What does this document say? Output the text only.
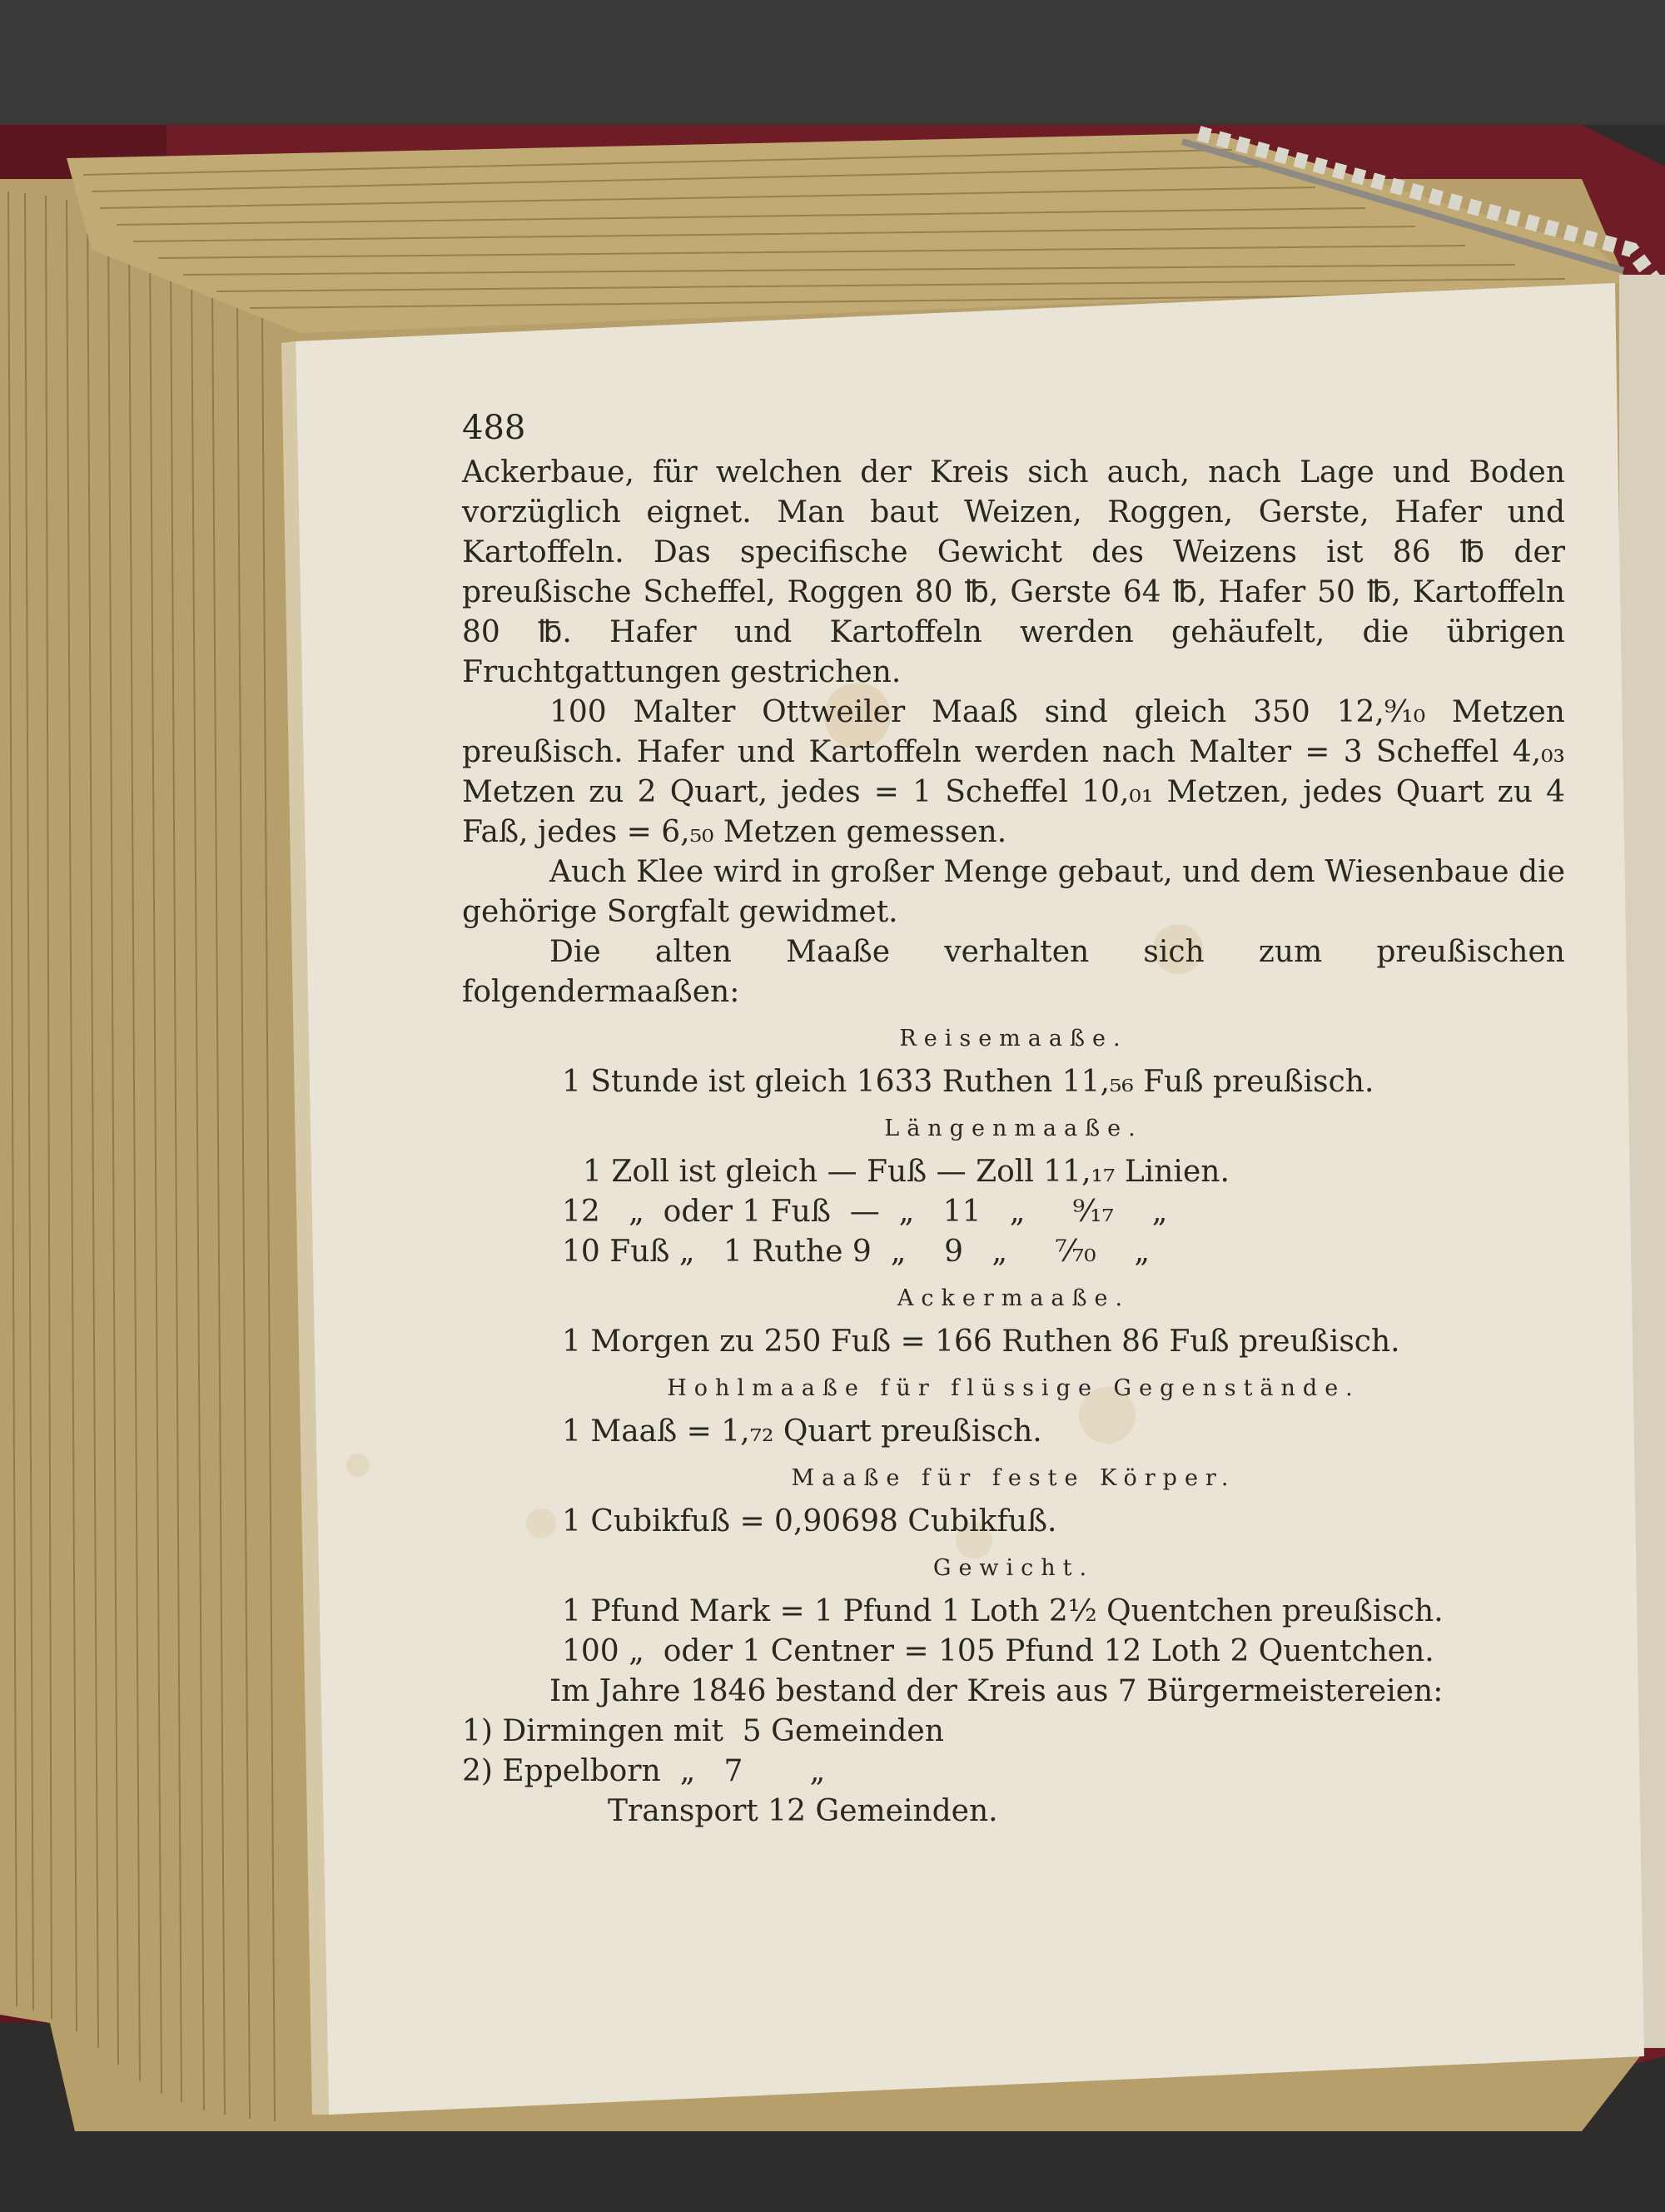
488

Ackerbaue, für welchen der Kreis sich auch, nach Lage und Boden vorzüglich eignet. Man baut Weizen, Roggen, Gerste, Hafer und Kartoffeln. Das specifische Gewicht des Weizens ist 86 ℔ der preußische Scheffel, Roggen 80 ℔, Gerste 64 ℔, Hafer 50 ℔, Kartoffeln 80 ℔. Hafer und Kartoffeln werden gehäufelt, die übrigen Fruchtgattungen gestrichen.

100 Malter Ottweiler Maaß sind gleich 350 12,⁹⁄₁₀ Metzen preußisch. Hafer und Kartoffeln werden nach Malter = 3 Scheffel 4,₀₃ Metzen zu 2 Quart, jedes = 1 Scheffel 10,₀₁ Metzen, jedes Quart zu 4 Faß, jedes = 6,₅₀ Metzen gemessen.

Auch Klee wird in großer Menge gebaut, und dem Wiesenbaue die gehörige Sorgfalt gewidmet.

Die alten Maaße verhalten sich zum preußischen folgendermaaßen:

Reisemaaße.
1 Stunde ist gleich 1633 Ruthen 11,₅₆ Fuß preußisch.
Längenmaaße.
1 Zoll ist gleich — Fuß — Zoll 11,₁₇ Linien.
12   „  oder 1 Fuß  —  „   11   „     ⁹⁄₁₇    „
10 Fuß „   1 Ruthe 9  „    9   „     ⁷⁄₇₀    „
Ackermaaße.
1 Morgen zu 250 Fuß = 166 Ruthen 86 Fuß preußisch.
Hohlmaaße für flüssige Gegenstände.
1 Maaß = 1,₇₂ Quart preußisch.
Maaße für feste Körper.
1 Cubikfuß = 0,90698 Cubikfuß.
Gewicht.
1 Pfund Mark = 1 Pfund 1 Loth 2½ Quentchen preußisch.
100 „  oder 1 Centner = 105 Pfund 12 Loth 2 Quentchen.

Im Jahre 1846 bestand der Kreis aus 7 Bürgermeistereien:

1) Dirmingen mit  5 Gemeinden
2) Eppelborn  „   7       „
Transport 12 Gemeinden.
